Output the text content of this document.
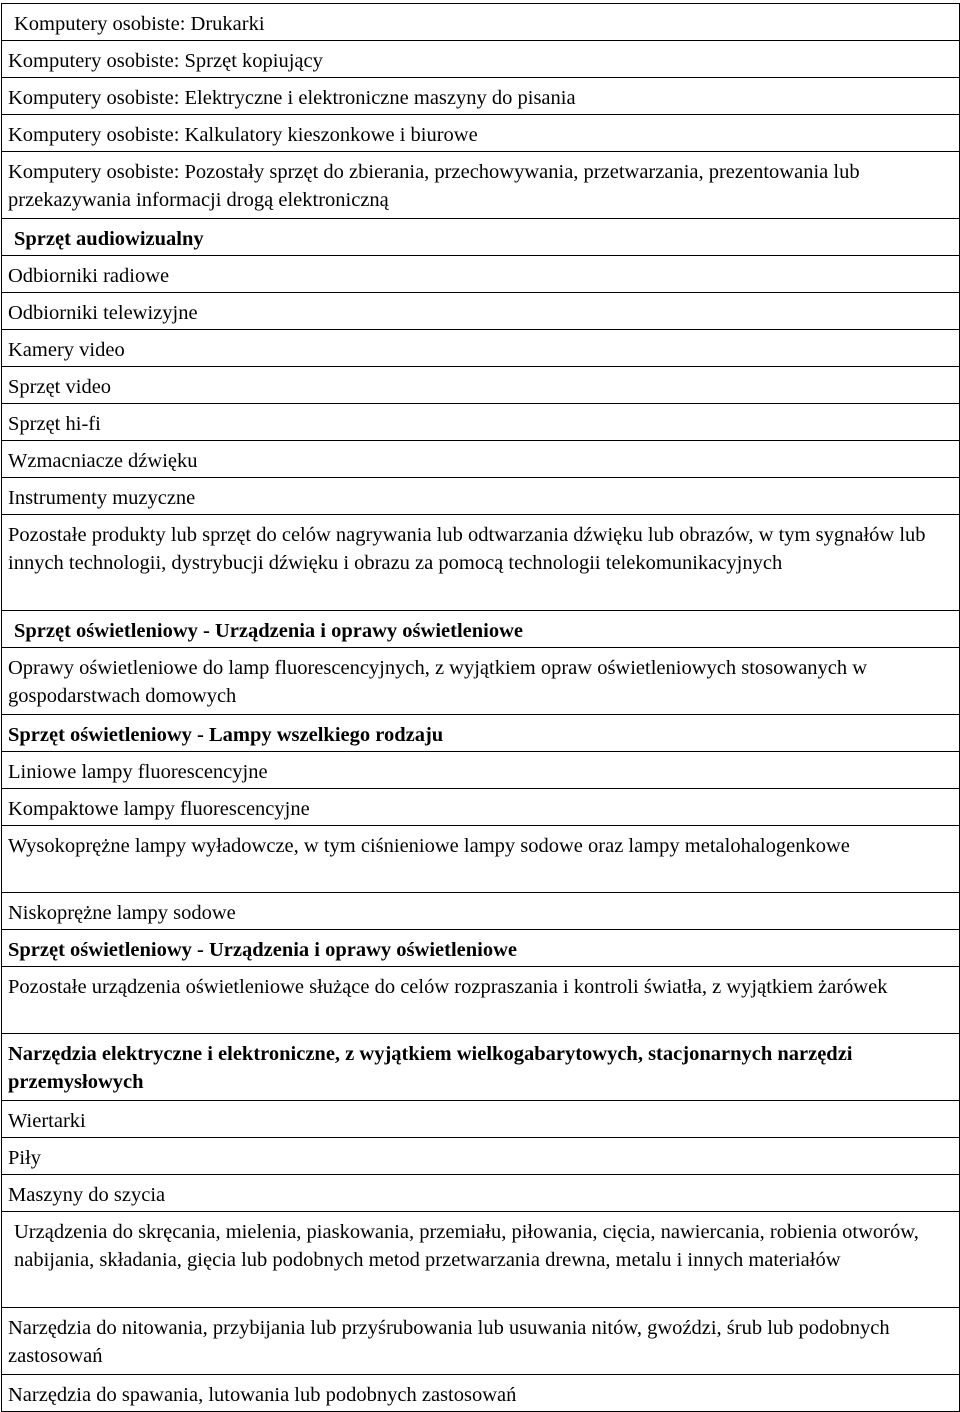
Komputery osobiste: Drukarki
Komputery osobiste: Sprzęt kopiujący
Komputery osobiste: Elektryczne i elektroniczne maszyny do pisania
Komputery osobiste: Kalkulatory kieszonkowe i biurowe
Komputery osobiste: Pozostały sprzęt do zbierania, przechowywania, przetwarzania, prezentowania lub przekazywania informacji drogą elektroniczną
Sprzęt audiowizualny
Odbiorniki radiowe
Odbiorniki telewizyjne
Kamery video
Sprzęt video
Sprzęt hi-fi
Wzmacniacze dźwięku
Instrumenty muzyczne
Pozostałe produkty lub sprzęt do celów nagrywania lub odtwarzania dźwięku lub obrazów, w tym sygnałów lub innych technologii, dystrybucji dźwięku i obrazu za pomocą technologii telekomunikacyjnych
Sprzęt oświetleniowy - Urządzenia i oprawy oświetleniowe
Oprawy oświetleniowe do lamp fluorescencyjnych, z wyjątkiem opraw oświetleniowych stosowanych w gospodarstwach domowych
Sprzęt oświetleniowy - Lampy wszelkiego rodzaju
Liniowe lampy fluorescencyjne
Kompaktowe lampy fluorescencyjne
Wysokoprężne lampy wyładowcze, w tym ciśnieniowe lampy sodowe oraz lampy metalohalogenkowe
Niskoprężne lampy sodowe
Sprzęt oświetleniowy - Urządzenia i oprawy oświetleniowe
Pozostałe urządzenia oświetleniowe służące do celów rozpraszania i kontroli światła, z wyjątkiem żarówek
Narzędzia elektryczne i elektroniczne, z wyjątkiem wielkogabarytowych, stacjonarnych narzędzi przemysłowych
Wiertarki
Piły
Maszyny do szycia
Urządzenia do skręcania, mielenia, piaskowania, przemiału, piłowania, cięcia, nawiercania, robienia otworów, nabijania, składania, gięcia lub podobnych metod przetwarzania drewna, metalu i innych materiałów
Narzędzia do nitowania, przybijania lub przyśrubowania lub usuwania nitów, gwoździ, śrub lub podobnych zastosowań
Narzędzia do spawania, lutowania lub podobnych zastosowań
